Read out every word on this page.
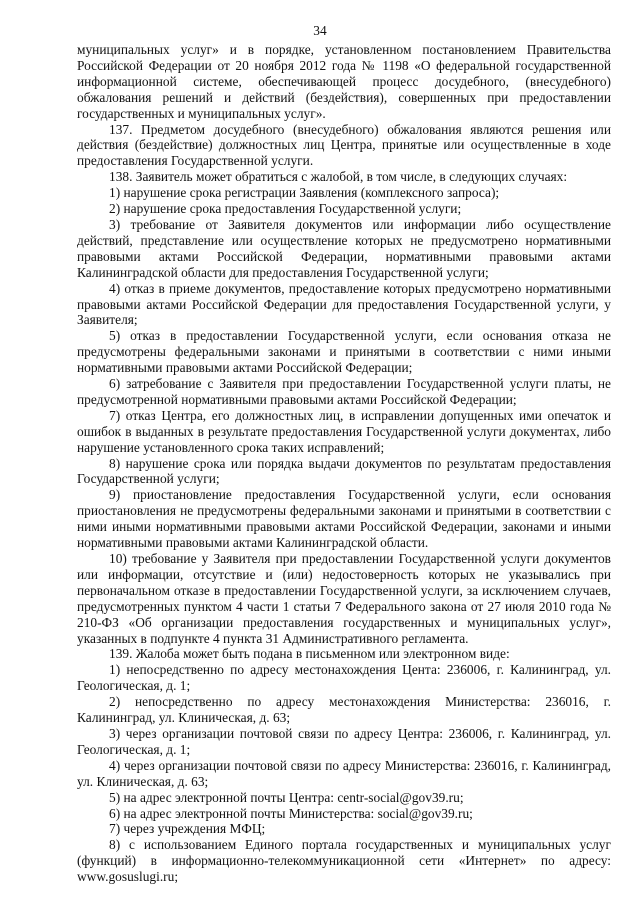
34

муниципальных услуг» и в порядке, установленном постановлением Правительства Российской Федерации от 20 ноября 2012 года № 1198 «О федеральной государственной информационной системе, обеспечивающей процесс досудебного, (внесудебного) обжалования решений и действий (бездействия), совершенных при предоставлении государственных и муниципальных услуг».

137. Предметом досудебного (внесудебного) обжалования являются решения или действия (бездействие) должностных лиц Центра, принятые или осуществленные в ходе предоставления Государственной услуги.

138. Заявитель может обратиться с жалобой, в том числе, в следующих случаях:

1) нарушение срока регистрации Заявления (комплексного запроса);

2) нарушение срока предоставления Государственной услуги;

3) требование от Заявителя документов или информации либо осуществление действий, представление или осуществление которых не предусмотрено нормативными правовыми актами Российской Федерации, нормативными правовыми актами Калининградской области для предоставления Государственной услуги;

4) отказ в приеме документов, предоставление которых предусмотрено нормативными правовыми актами Российской Федерации для предоставления Государственной услуги, у Заявителя;

5) отказ в предоставлении Государственной услуги, если основания отказа не предусмотрены федеральными законами и принятыми в соответствии с ними иными нормативными правовыми актами Российской Федерации;

6) затребование с Заявителя при предоставлении Государственной услуги платы, не предусмотренной нормативными правовыми актами Российской Федерации;

7) отказ Центра, его должностных лиц, в исправлении допущенных ими опечаток и ошибок в выданных в результате предоставления Государственной услуги документах, либо нарушение установленного срока таких исправлений;

8) нарушение срока или порядка выдачи документов по результатам предоставления Государственной услуги;

9) приостановление предоставления Государственной услуги, если основания приостановления не предусмотрены федеральными законами и принятыми в соответствии с ними иными нормативными правовыми актами Российской Федерации, законами и иными нормативными правовыми актами Калининградской области.

10) требование у Заявителя при предоставлении Государственной услуги документов или информации, отсутствие и (или) недостоверность которых не указывались при первоначальном отказе в предоставлении Государственной услуги, за исключением случаев, предусмотренных пунктом 4 части 1 статьи 7 Федерального закона от 27 июля 2010 года № 210-ФЗ «Об организации предоставления государственных и муниципальных услуг», указанных в подпункте 4 пункта 31 Административного регламента.

139. Жалоба может быть подана в письменном или электронном виде:

1) непосредственно по адресу местонахождения Цента: 236006, г. Калининград, ул. Геологическая, д. 1;

2) непосредственно по адресу местонахождения Министерства: 236016, г. Калининград, ул. Клиническая, д. 63;

3) через организации почтовой связи по адресу Центра: 236006, г. Калининград, ул. Геологическая, д. 1;

4) через организации почтовой связи по адресу Министерства: 236016, г. Калининград, ул. Клиническая, д. 63;

5) на адрес электронной почты Центра: centr-social@gov39.ru;

6) на адрес электронной почты Министерства: social@gov39.ru;

7) через учреждения МФЦ;

8) с использованием Единого портала государственных и муниципальных услуг (функций) в информационно-телекоммуникационной сети «Интернет» по адресу: www.gosuslugi.ru;
